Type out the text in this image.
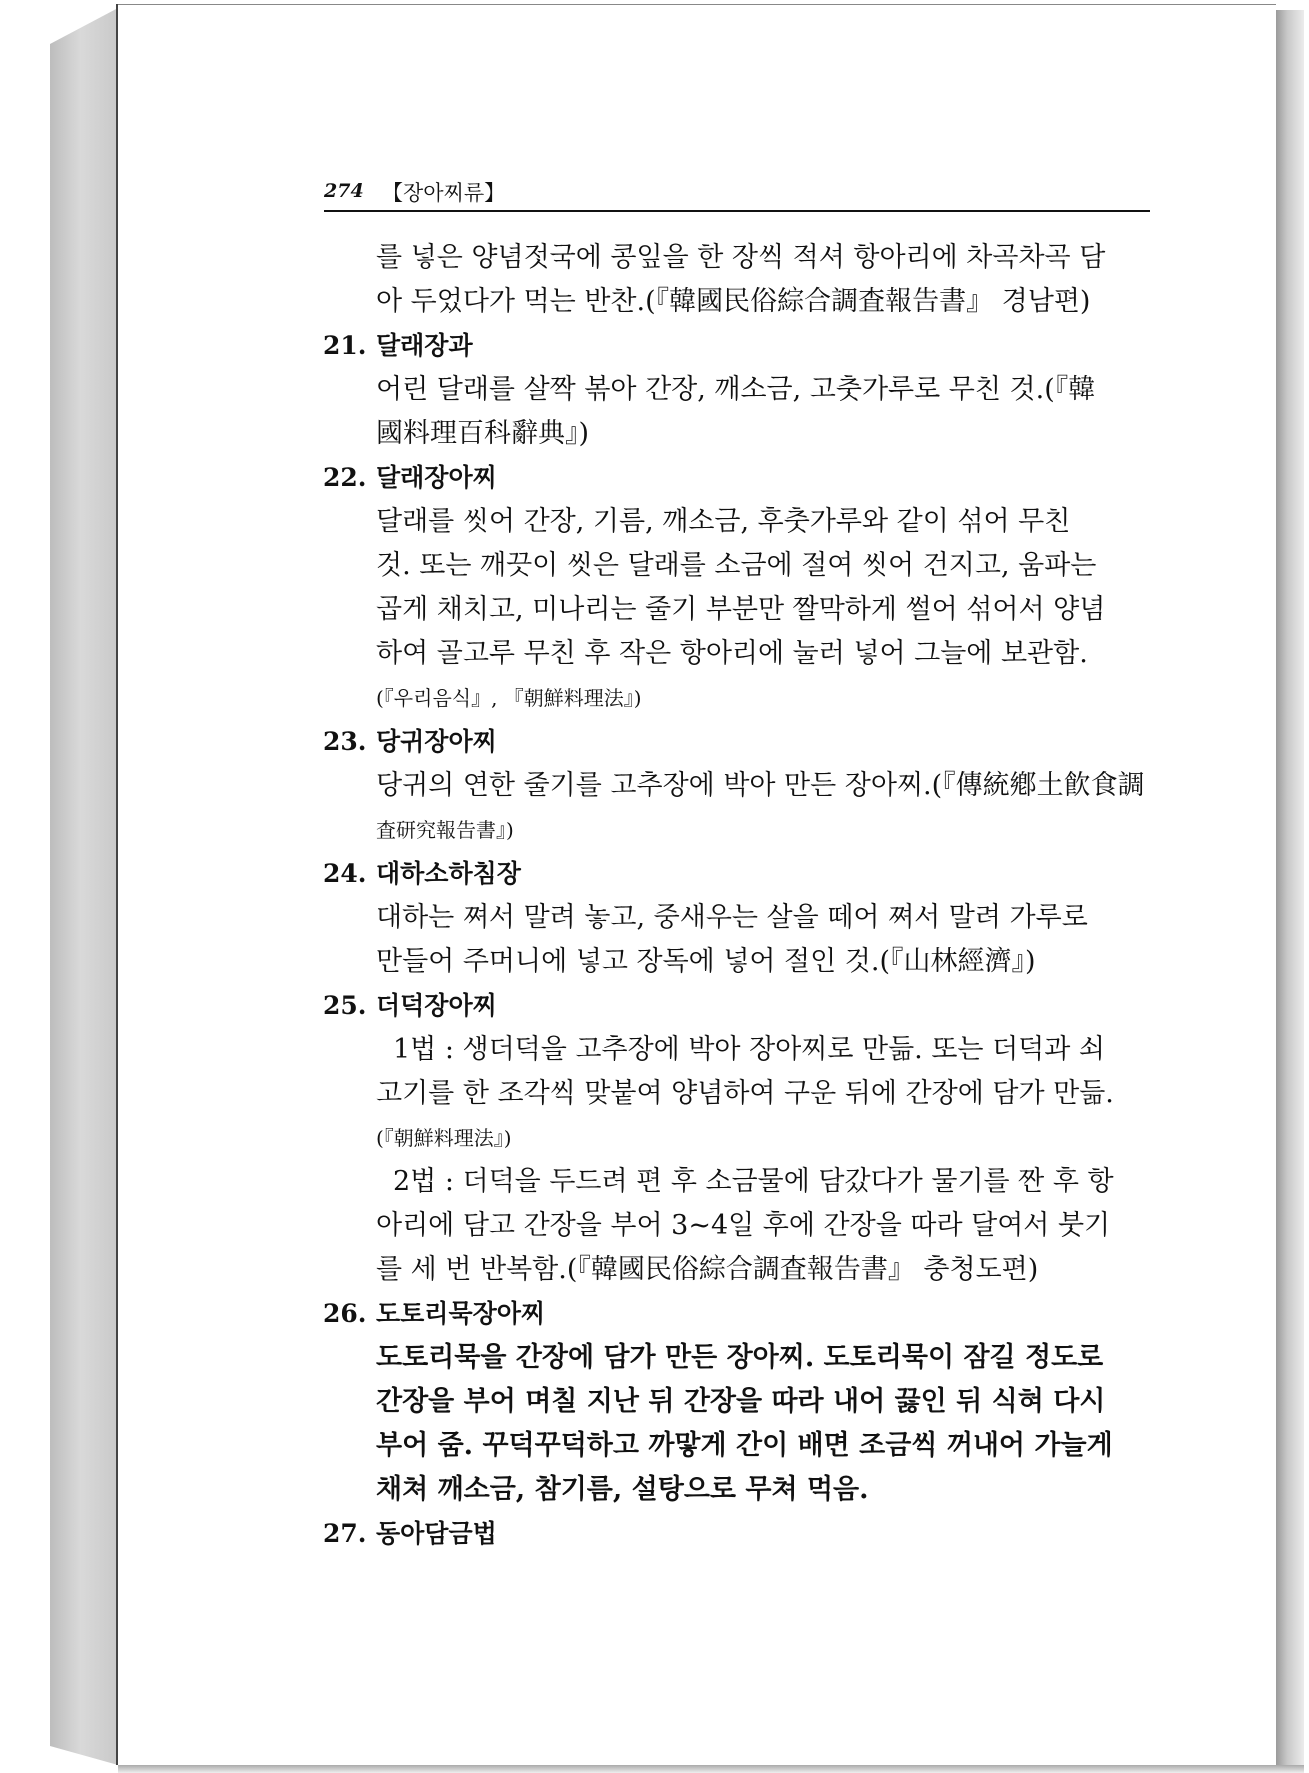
274 【장아찌류】
를 넣은 양념젓국에 콩잎을 한 장씩 적셔 항아리에 차곡차곡 담
아 두었다가 먹는 반찬.(『韓國民俗綜合調査報告書』 경남편)
21. 달래장과
어린 달래를 살짝 볶아 간장, 깨소금, 고춧가루로 무친 것.(『韓
國料理百科辭典』)
22. 달래장아찌
달래를 씻어 간장, 기름, 깨소금, 후춧가루와 같이 섞어 무친
것. 또는 깨끗이 씻은 달래를 소금에 절여 씻어 건지고, 움파는
곱게 채치고, 미나리는 줄기 부분만 짤막하게 썰어 섞어서 양념
하여 골고루 무친 후 작은 항아리에 눌러 넣어 그늘에 보관함.
(『우리음식』, 『朝鮮料理法』)
23. 당귀장아찌
당귀의 연한 줄기를 고추장에 박아 만든 장아찌.(『傳統鄕土飮食調
査研究報告書』)
24. 대하소하침장
대하는 쪄서 말려 놓고, 중새우는 살을 떼어 쪄서 말려 가루로
만들어 주머니에 넣고 장독에 넣어 절인 것.(『山林經濟』)
25. 더덕장아찌
1법 : 생더덕을 고추장에 박아 장아찌로 만듦. 또는 더덕과 쇠
고기를 한 조각씩 맞붙여 양념하여 구운 뒤에 간장에 담가 만듦.
(『朝鮮料理法』)
2법 : 더덕을 두드려 편 후 소금물에 담갔다가 물기를 짠 후 항
아리에 담고 간장을 부어 3~4일 후에 간장을 따라 달여서 붓기
를 세 번 반복함.(『韓國民俗綜合調査報告書』 충청도편)
26. 도토리묵장아찌
도토리묵을 간장에 담가 만든 장아찌. 도토리묵이 잠길 정도로
간장을 부어 며칠 지난 뒤 간장을 따라 내어 끓인 뒤 식혀 다시
부어 줌. 꾸덕꾸덕하고 까맣게 간이 배면 조금씩 꺼내어 가늘게
채쳐 깨소금, 참기름, 설탕으로 무쳐 먹음.
27. 동아담금법
